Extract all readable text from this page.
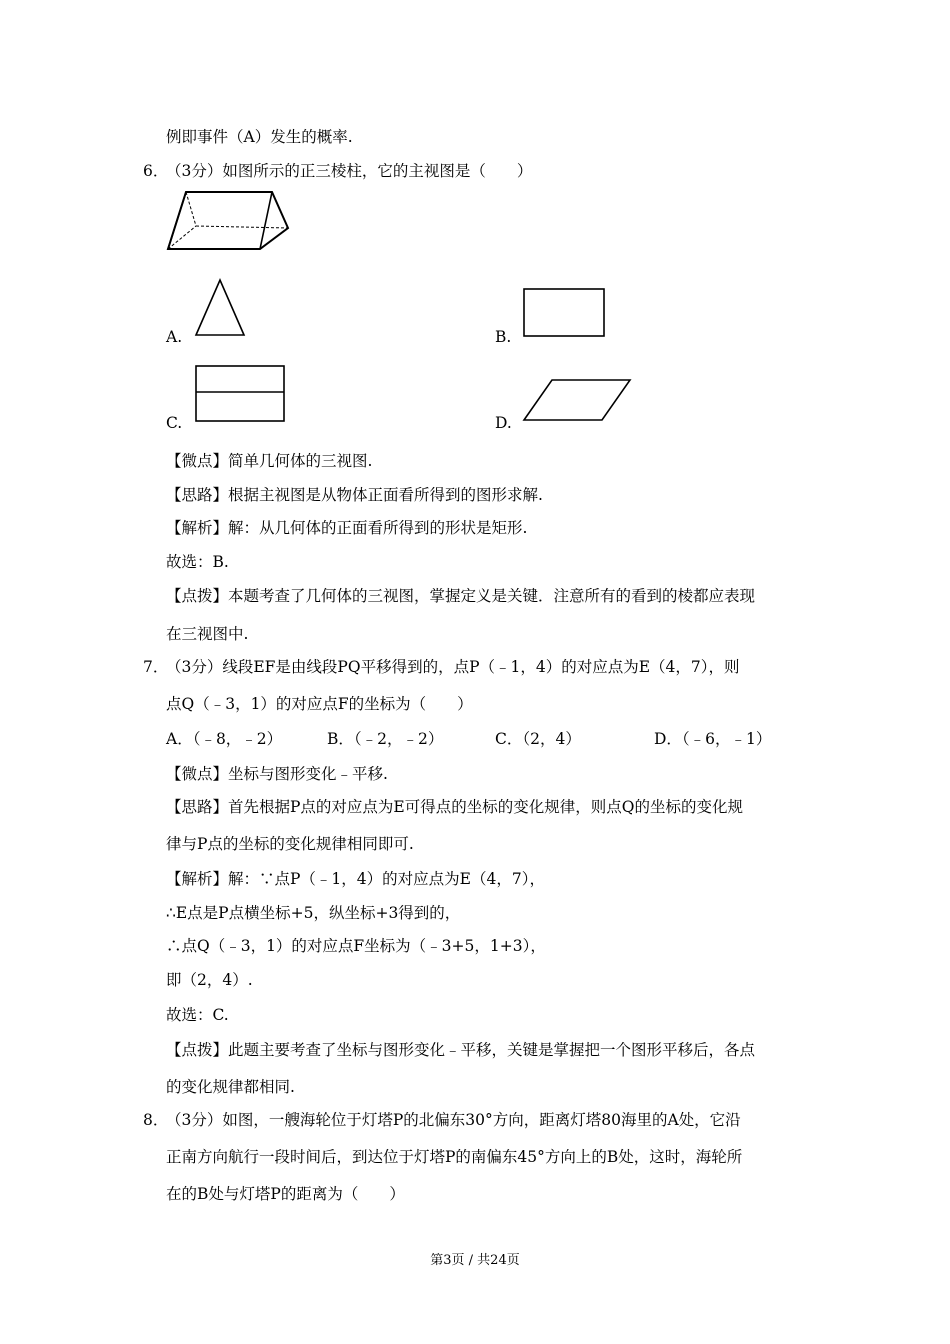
例即事件（A）发生的概率.
6．
（3分）如图所示的正三棱柱，它的主视图是（　　）
A.	B.
C.	D.
【微点】简单几何体的三视图.
【思路】根据主视图是从物体正面看所得到的图形求解.
【解析】解：从几何体的正面看所得到的形状是矩形.
故选：B.
【点拨】本题考查了几何体的三视图，掌握定义是关键．注意所有的看到的棱都应表现
在三视图中.
7．
（3分）线段EF是由线段PQ平移得到的，点P（﹣1，4）的对应点为E（4，7），则
点Q（﹣3，1）的对应点F的坐标为（　　）
A．（﹣8，﹣2）	B．（﹣2，﹣2）	C．（2，4）	D．（﹣6，﹣1）
【微点】坐标与图形变化﹣平移.
【思路】首先根据P点的对应点为E可得点的坐标的变化规律，则点Q的坐标的变化规
律与P点的坐标的变化规律相同即可.
【解析】解：∵点P（﹣1，4）的对应点为E（4，7），
∴E点是P点横坐标+5，纵坐标+3得到的，
∴点Q（﹣3，1）的对应点F坐标为（﹣3+5，1+3），
即（2，4）.
故选：C.
【点拨】此题主要考查了坐标与图形变化﹣平移，关键是掌握把一个图形平移后，各点
的变化规律都相同.
8．
（3分）如图，一艘海轮位于灯塔P的北偏东30°方向，距离灯塔80海里的A处，它沿
正南方向航行一段时间后，到达位于灯塔P的南偏东45°方向上的B处，这时，海轮所
在的B处与灯塔P的距离为（　　）
第3页 / 共24页
